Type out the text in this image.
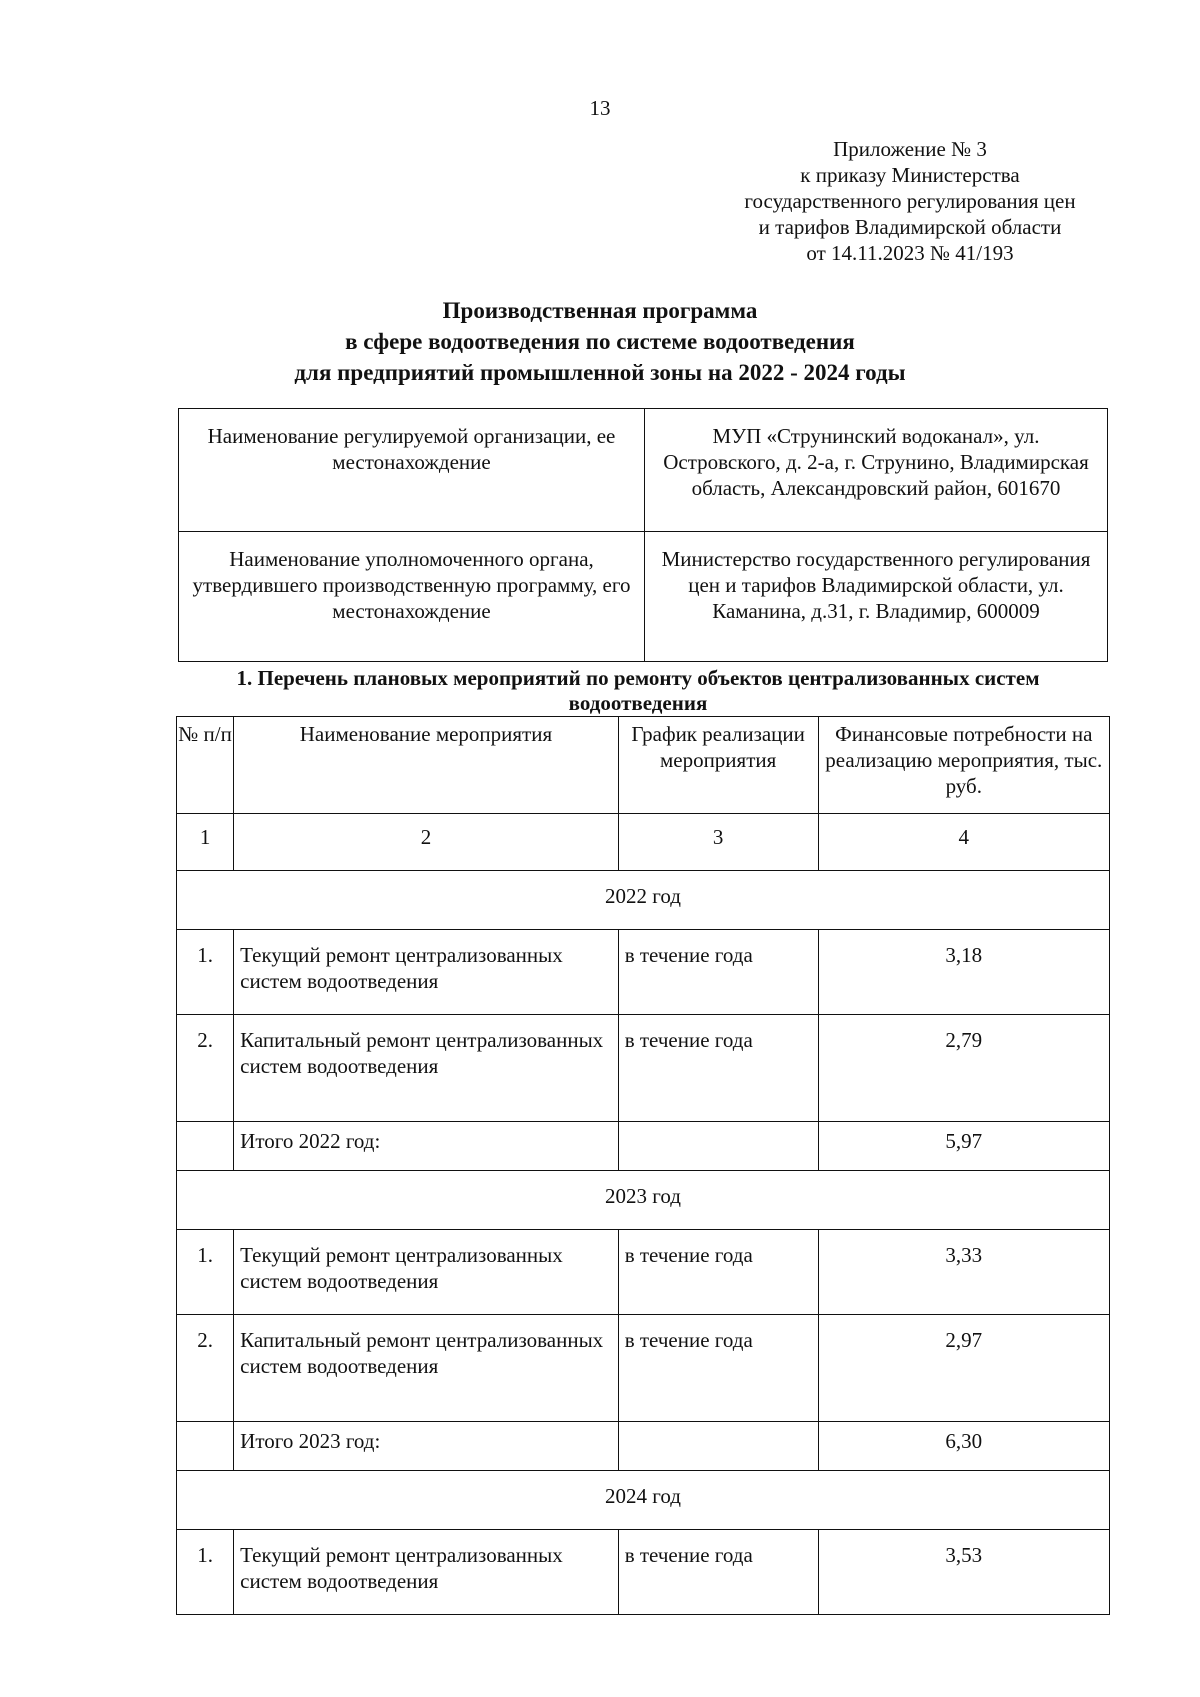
13
Приложение № 3
к приказу Министерства
государственного регулирования цен
и тарифов Владимирской области
от 14.11.2023 № 41/193
Производственная программа
в сфере водоотведения по системе водоотведения
для предприятий промышленной зоны на 2022 - 2024 годы
Наименование регулируемой организации, ее местонахождение	МУП «Струнинский водоканал», ул. Островского, д. 2-а, г. Струнино, Владимирская область, Александровский район, 601670
Наименование уполномоченного органа, утвердившего производственную программу, его местонахождение	Министерство государственного регулирования цен и тарифов Владимирской области, ул. Каманина, д.31, г. Владимир, 600009
1. Перечень плановых мероприятий по ремонту объектов централизованных систем водоотведения
№ п/п	Наименование мероприятия	График реализации мероприятия	Финансовые потребности на реализацию мероприятия, тыс. руб.
1	2	3	4
2022 год			
1.	Текущий ремонт централизованных систем водоотведения	в течение года	3,18
2.	Капитальный ремонт централизованных систем водоотведения	в течение года	2,79
	Итого 2022 год:		5,97
2023 год			
1.	Текущий ремонт централизованных систем водоотведения	в течение года	3,33
2.	Капитальный ремонт централизованных систем водоотведения	в течение года	2,97
	Итого 2023 год:		6,30
2024 год			
1.	Текущий ремонт централизованных систем водоотведения	в течение года	3,53
